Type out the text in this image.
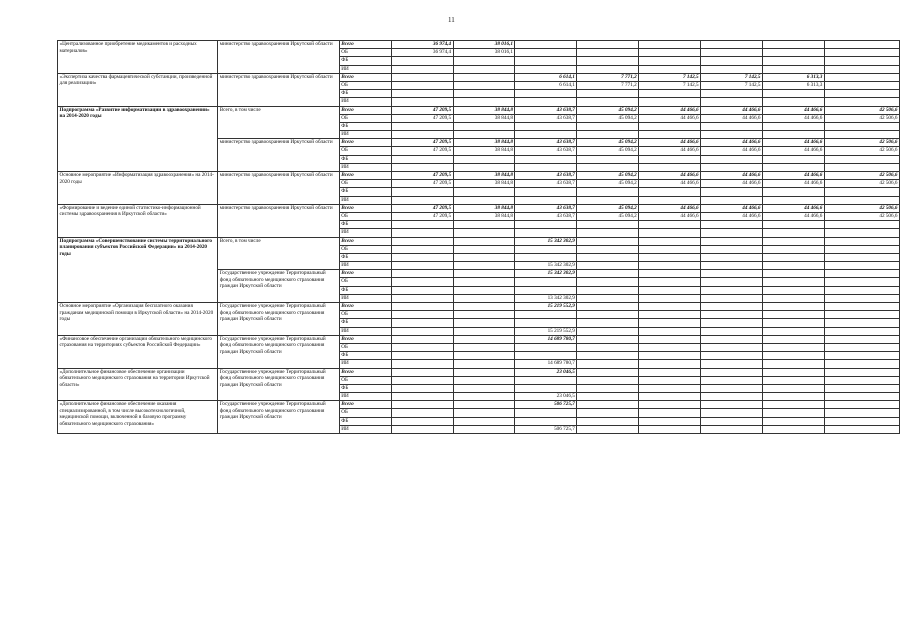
11
«Централизованное приобретение медикаментов и расходных материалов»	министерство здравоохранения Иркутской области	Всего	36 974,4	38 016,1						
		ОБ	36 974,4	38 016,1						
		ФБ								
		ИИ								
«Экспертиза качества фармацевтической субстанции, произведенной для реализации»	министерство здравоохранения Иркутской области	Всего			6 614,1	7 771,2	7 142,5	7 142,5	6 313,3	
		ОБ			6 614,1	7 771,2	7 142,5	7 142,5	6 313,3	
		ФБ								
		ИИ								
Подпрограмма «Развитие информатизации в здравоохранении» на 2014-2020 годы	Всего, в том числе	Всего	47 209,5	38 844,8	43 638,7	45 094,2	44 466,6	44 466,6	44 466,6	42 506,6
		ОБ	47 209,5	38 844,8	43 638,7	45 094,2	44 466,6	44 466,6	44 466,6	42 506,6
		ФБ								
		ИИ								
	министерство здравоохранения Иркутской области	Всего	47 209,5	38 844,8	43 638,7	45 094,2	44 466,6	44 466,6	44 466,6	42 506,6
		ОБ	47 209,5	38 844,8	43 638,7	45 094,2	44 466,6	44 466,6	44 466,6	42 506,6
		ФБ								
		ИИ								
Основное мероприятие «Информатизация здравоохранения» на 2014-2020 годы	министерство здравоохранения Иркутской области	Всего	47 209,5	38 844,8	43 638,7	45 094,2	44 466,6	44 466,6	44 466,6	42 506,6
		ОБ	47 209,5	38 844,8	43 638,7	45 094,2	44 466,6	44 466,6	44 466,6	42 506,6
		ФБ								
		ИИ								
«Формирование и ведение единой статистико-информационной системы здравоохранения в Иркутской области»	министерство здравоохранения Иркутской области	Всего	47 209,5	38 844,8	43 638,7	45 094,2	44 466,6	44 466,6	44 466,6	42 506,6
		ОБ	47 209,5	38 844,8	43 638,7	45 094,2	44 466,6	44 466,6	44 466,6	42 506,6
		ФБ								
		ИИ								
Подпрограмма «Совершенствование системы территориального планирования субъектов Российской Федерации» на 2014-2020 годы	Всего, в том числе	Всего			15 342 302,9					
		ОБ								
		ФБ								
		ИИ			15 342 302,9					
	Государственное учреждение Территориальный фонд обязательного медицинского страхования граждан Иркутской области	Всего			15 342 302,9					
		ОБ								
		ФБ								
		ИИ			13 342 302,9					
Основное мероприятие «Организация бесплатного оказания гражданам медицинской помощи в Иркутской области» на 2014-2020 годы	Государственное учреждение Территориальный фонд обязательного медицинского страхования граждан Иркутской области	Всего			15 219 552,9					
		ОБ								
		ФБ								
		ИИ			15 219 552,9					
«Финансовое обеспечение организации обязательного медицинского страхования на территориях субъектов Российской Федерации»	Государственное учреждение Территориальный фонд обязательного медицинского страхования граждан Иркутской области	Всего			14 689 780,7					
		ОБ								
		ФБ								
		ИИ			14 689 780,7					
«Дополнительное финансовое обеспечение организации обязательного медицинского страхования на территории Иркутской области»	Государственное учреждение Территориальный фонд обязательного медицинского страхования граждан Иркутской области	Всего			23 046,5					
		ОБ								
		ФБ								
		ИИ			23 046,5					
«Дополнительное финансовое обеспечение оказания специализированной, в том числе высокотехнологичной, медицинской помощи, включенной в базовую программу обязательного медицинского страхования»	Государственное учреждение Территориальный фонд обязательного медицинского страхования граждан Иркутской области	Всего			506 725,7					
		ОБ								
		ФБ								
		ИИ			506 725,7					
